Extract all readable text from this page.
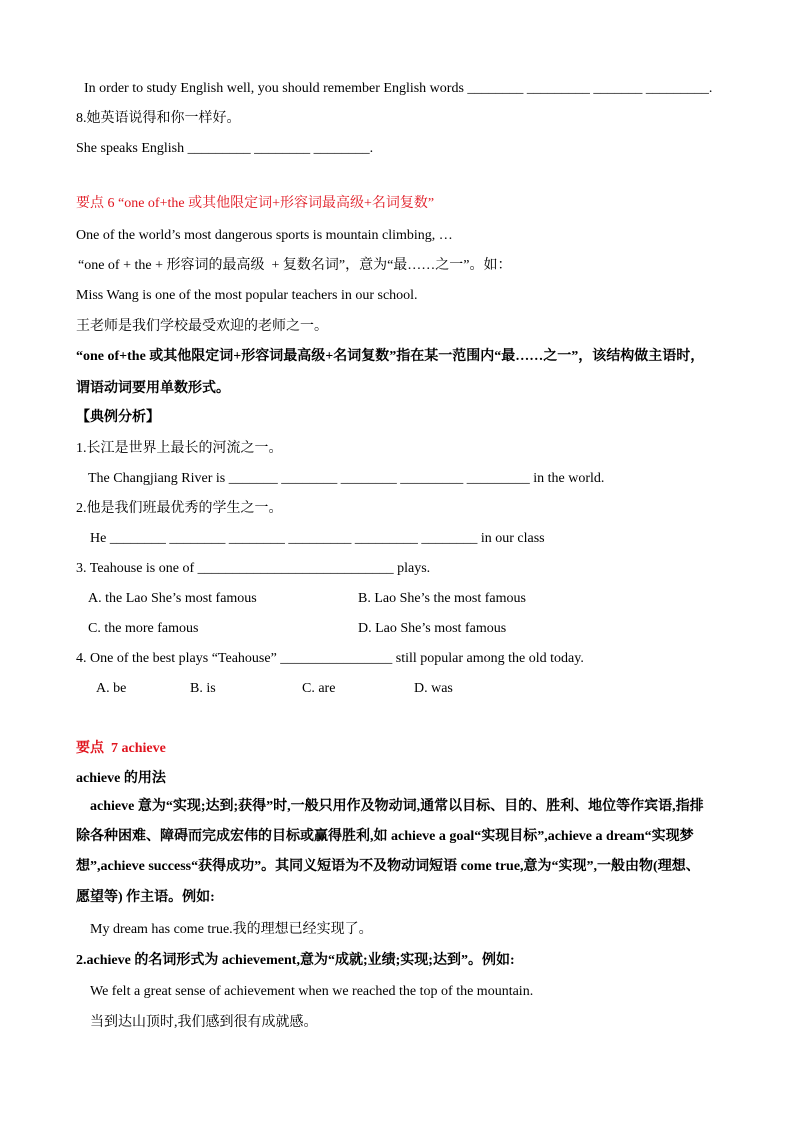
In order to study English well, you should remember English words ________ _________ _______ _________.
8.她英语说得和你一样好。
She speaks English _________ ________ ________.
要点 6 “one of+the 或其他限定词+形容词最高级+名词复数”
One of the world’s most dangerous sports is mountain climbing, …
“one of + the + 形容词的最高级  + 复数名词”，意为“最……之一”。如：
Miss Wang is one of the most popular teachers in our school.
王老师是我们学校最受欢迎的老师之一。
“one of+the 或其他限定词+形容词最高级+名词复数”指在某一范围内“最……之一”，该结构做主语时，
谓语动词要用单数形式。
【典例分析】
1.长江是世界上最长的河流之一。
The Changjiang River is _______ ________ ________ _________ _________ in the world.
2.他是我们班最优秀的学生之一。
He ________ ________ ________ _________ _________ ________ in our class
3. Teahouse is one of ____________________________ plays.
A. the Lao She’s most famous	B. Lao She’s the most famous
C. the more famous	D. Lao She’s most famous
4. One of the best plays “Teahouse” ________________ still popular among the old today.
A. be	B. is	C. are	D. was
要点  7 achieve
achieve 的用法
achieve 意为“实现;达到;获得”时,一般只用作及物动词,通常以目标、目的、胜利、地位等作宾语,指排
除各种困难、障碍而完成宏伟的目标或赢得胜利,如 achieve a goal“实现目标”,achieve a dream“实现梦
想”,achieve success“获得成功”。其同义短语为不及物动词短语 come true,意为“实现”,一般由物(理想、
愿望等) 作主语。例如:
My dream has come true.我的理想已经实现了。
2.achieve 的名词形式为 achievement,意为“成就;业绩;实现;达到”。例如:
We felt a great sense of achievement when we reached the top of the mountain.
当到达山顶时,我们感到很有成就感。
